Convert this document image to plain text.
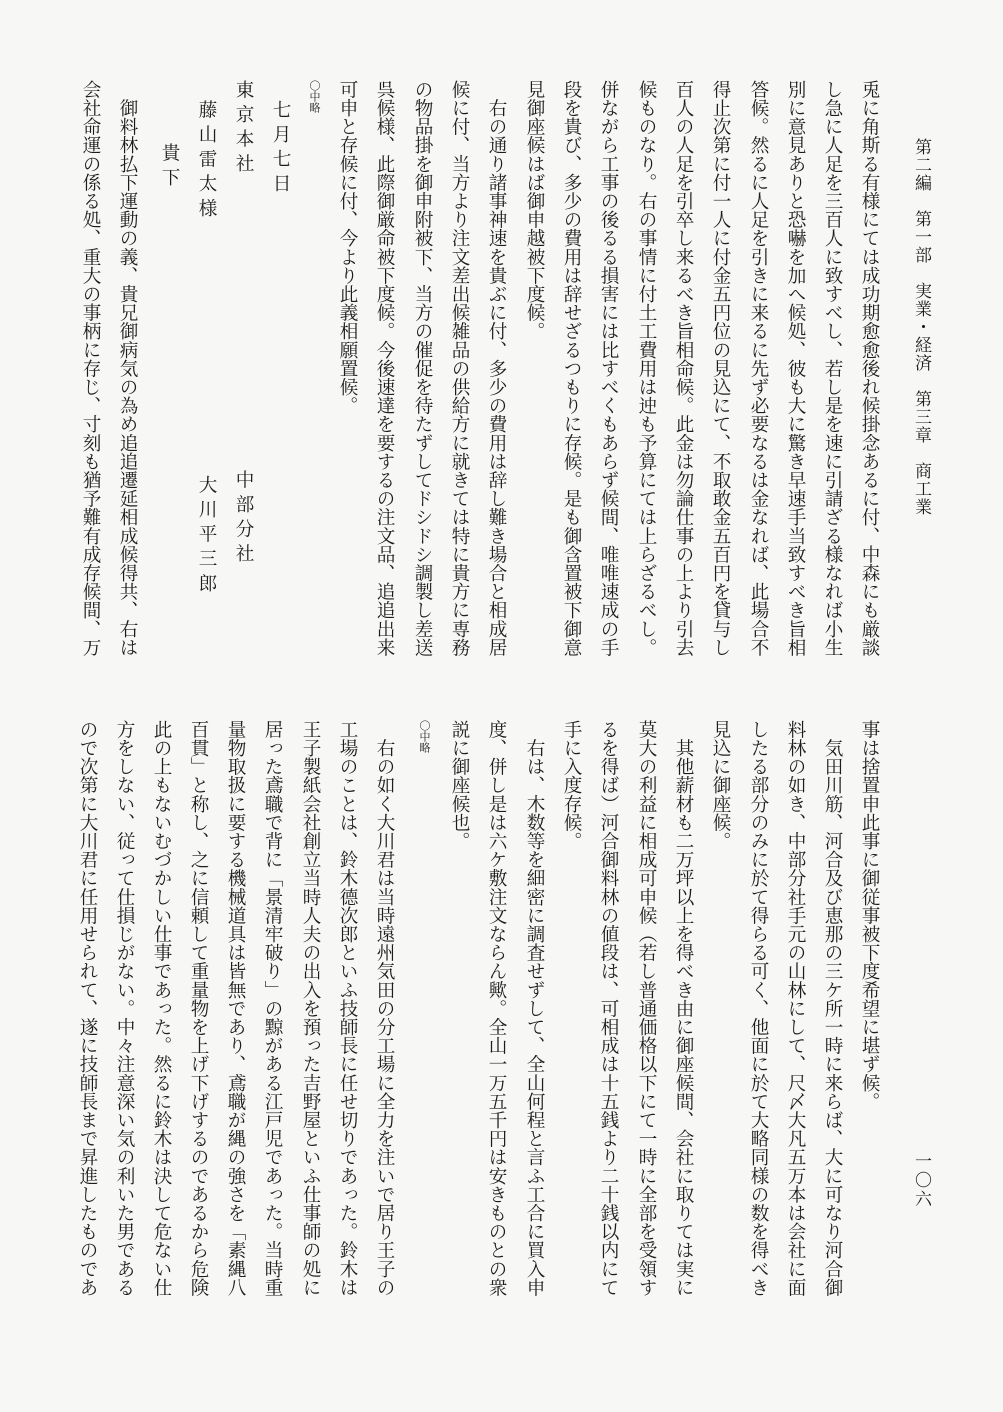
第二編　第一部　実業・経済　第三章　商工業
一〇六
兎に角斯る有様にては成功期愈愈後れ候掛念あるに付、中森にも厳談
し急に人足を三百人に致すべし、若し是を速に引請ざる様なれば小生
別に意見ありと恐嚇を加へ候処、彼も大に驚き早速手当致すべき旨相
答候。然るに人足を引きに来るに先ず必要なるは金なれば、此場合不
得止次第に付一人に付金五円位の見込にて、不取敢金五百円を貸与し
百人の人足を引卒し来るべき旨相命候。此金は勿論仕事の上より引去
候ものなり。右の事情に付土工費用は迚も予算にては上らざるべし。
併ながら工事の後るる損害には比すべくもあらず候間、唯唯速成の手
段を貴び、多少の費用は辞せざるつもりに存候。是も御含置被下御意
見御座候はば御申越被下度候。
　右の通り諸事神速を貴ぶに付、多少の費用は辞し難き場合と相成居
候に付、当方より注文差出候雑品の供給方に就きては特に貴方に専務
の物品掛を御申附被下、当方の催促を待たずしてドシドシ調製し差送
呉候様、此際御厳命被下度候。今後速達を要するの注文品、追追出来
可申と存候に付、今より此義相願置候。
〇中略
七月七日
東京本社
藤山雷太様
貴下
中部分社
大川平三郎
　御料林払下運動の義、貴兄御病気の為め追追遷延相成候得共、右は
会社命運の係る処、重大の事柄に存じ、寸刻も猶予難有成存候間、万
事は捨置申此事に御従事被下度希望に堪ず候。
　気田川筋、河合及び恵那の三ケ所一時に来らば、大に可なり河合御
料林の如き、中部分社手元の山林にして、尺〆大凡五万本は会社に面
したる部分のみに於て得らる可く、他面に於て大略同様の数を得べき
見込に御座候。
　其他薪材も二万坪以上を得べき由に御座候間、会社に取りては実に
莫大の利益に相成可申候（若し普通価格以下にて一時に全部を受領す
るを得ば）河合御料林の値段は、可相成は十五銭より二十銭以内にて
手に入度存候。
　右は、木数等を細密に調査せずして、全山何程と言ふ工合に買入申
度、併し是は六ケ敷注文ならん歟。全山一万五千円は安きものとの衆
説に御座候也。
〇中略
　右の如く大川君は当時遠州気田の分工場に全力を注いで居り王子の
工場のことは、鈴木德次郎といふ技師長に任せ切りであった。鈴木は
王子製紙会社創立当時人夫の出入を預った吉野屋といふ仕事師の処に
居った鳶職で背に「景清牢破り」の黥がある江戸児であった。当時重
量物取扱に要する機械道具は皆無であり、鳶職が縄の強さを「素縄八
百貫」と称し、之に信頼して重量物を上げ下げするのであるから危険
此の上もないむづかしい仕事であった。然るに鈴木は決して危ない仕
方をしない、従って仕損じがない。中々注意深い気の利いた男である
ので次第に大川君に任用せられて、遂に技師長まで昇進したものであ
